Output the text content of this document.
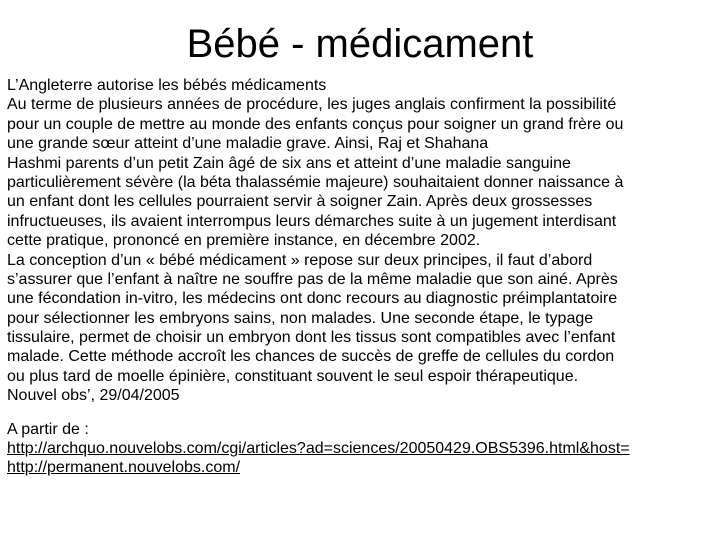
Bébé - médicament
L’Angleterre autorise les bébés médicaments
Au terme de plusieurs années de procédure, les juges anglais confirment la possibilité
pour un couple de mettre au monde des enfants conçus pour soigner un grand frère ou
une grande sœur atteint d’une maladie grave. Ainsi, Raj et Shahana
Hashmi parents d’un petit Zain âgé de six ans et atteint d’une maladie sanguine
particulièrement sévère (la béta thalassémie majeure) souhaitaient donner naissance à
un enfant dont les cellules pourraient servir à soigner Zain. Après deux grossesses
infructueuses, ils avaient interrompus leurs démarches suite à un jugement interdisant
cette pratique, prononcé en première instance, en décembre 2002.
La conception d’un « bébé médicament » repose sur deux principes, il faut d’abord
s’assurer que l’enfant à naître ne souffre pas de la même maladie que son ainé. Après
une fécondation in-vitro, les médecins ont donc recours au diagnostic préimplantatoire
pour sélectionner les embryons sains, non malades. Une seconde étape, le typage
tissulaire, permet de choisir un embryon dont les tissus sont compatibles avec l’enfant
malade. Cette méthode accroît les chances de succès de greffe de cellules du cordon
ou plus tard de moelle épinière, constituant souvent le seul espoir thérapeutique.
Nouvel obs’, 29/04/2005
A partir de :
http://archquo.nouvelobs.com/cgi/articles?ad=sciences/20050429.OBS5396.html&host=
http://permanent.nouvelobs.com/
